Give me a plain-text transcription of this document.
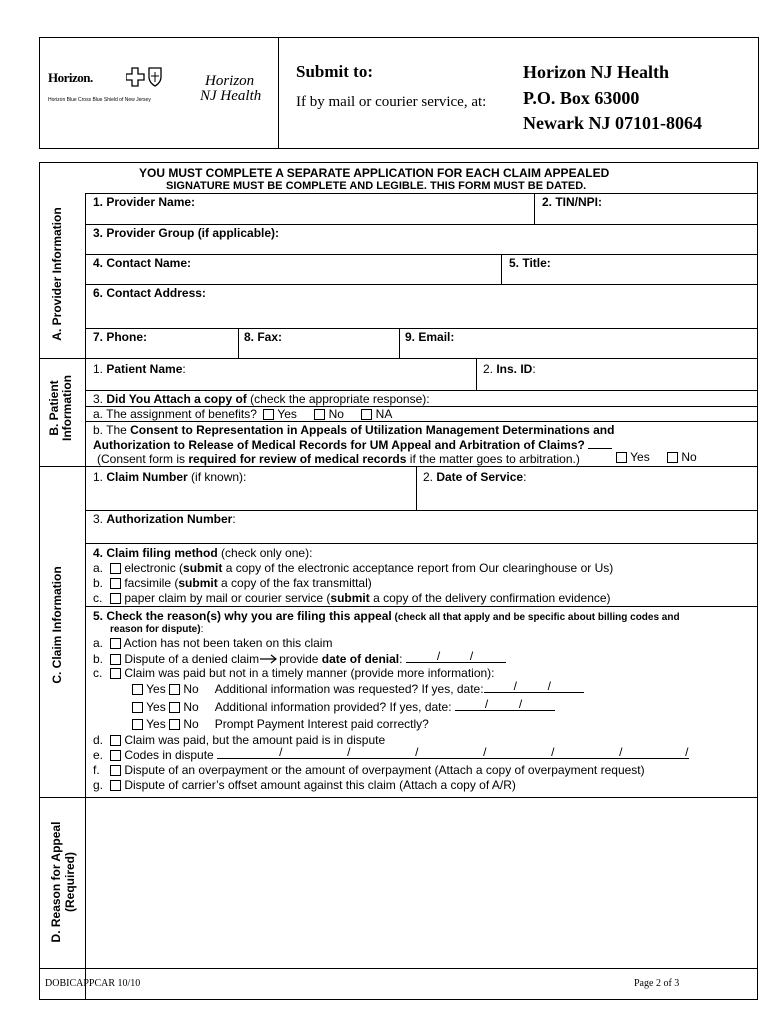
Horizon.
Horizon Blue Cross Blue Shield of New Jersey
Horizon
NJ Health
Submit to:
If by mail or courier service, at:
Horizon NJ Health
P.O. Box 63000
Newark NJ 07101-8064
YOU MUST COMPLETE A SEPARATE APPLICATION FOR EACH CLAIM APPEALED
SIGNATURE MUST BE COMPLETE AND LEGIBLE. THIS FORM MUST BE DATED.
A. Provider Information
B. Patient Information
C. Claim Information
D. Reason for Appeal (Required)
1. Provider Name:	2. TIN/NPI:
3. Provider Group (if applicable):
4. Contact Name:	5. Title:
6. Contact Address:
7. Phone:	8. Fax:	9. Email:
1. Patient Name:	2. Ins. ID:
3. Did You Attach a copy of (check the appropriate response):
a. The assignment of benefits? Yes	No	NA
b. The Consent to Representation in Appeals of Utilization Management Determinations and
Authorization to Release of Medical Records for UM Appeal and Arbitration of Claims?
(Consent form is required for review of medical records if the matter goes to arbitration.)	Yes	No
1. Claim Number (if known):	2. Date of Service:
3. Authorization Number:
4. Claim filing method (check only one):
a. electronic (submit a copy of the electronic acceptance report from Our clearinghouse or Us)
b. facsimile (submit a copy of the fax transmittal)
c. paper claim by mail or courier service (submit a copy of the delivery confirmation evidence)
5. Check the reason(s) why you are filing this appeal (check all that apply and be specific about billing codes and
reason for dispute):
a. Action has not been taken on this claim
b. Dispute of a denied claim provide date of denial:	/ /
c. Claim was paid but not in a timely manner (provide more information):
Yes  No Additional information was requested? If yes, date:	/	/
Yes  No Additional information provided? If yes, date:	/	/
Yes  No Prompt Payment Interest paid correctly?
d. Claim was paid, but the amount paid is in dispute
e. Codes in dispute	/	/	/	/	/	/	/
f. Dispute of an overpayment or the amount of overpayment (Attach a copy of overpayment request)
g. Dispute of carrier’s offset amount against this claim (Attach a copy of A/R)
DOBICAPPCAR 10/10	Page 2 of 3
